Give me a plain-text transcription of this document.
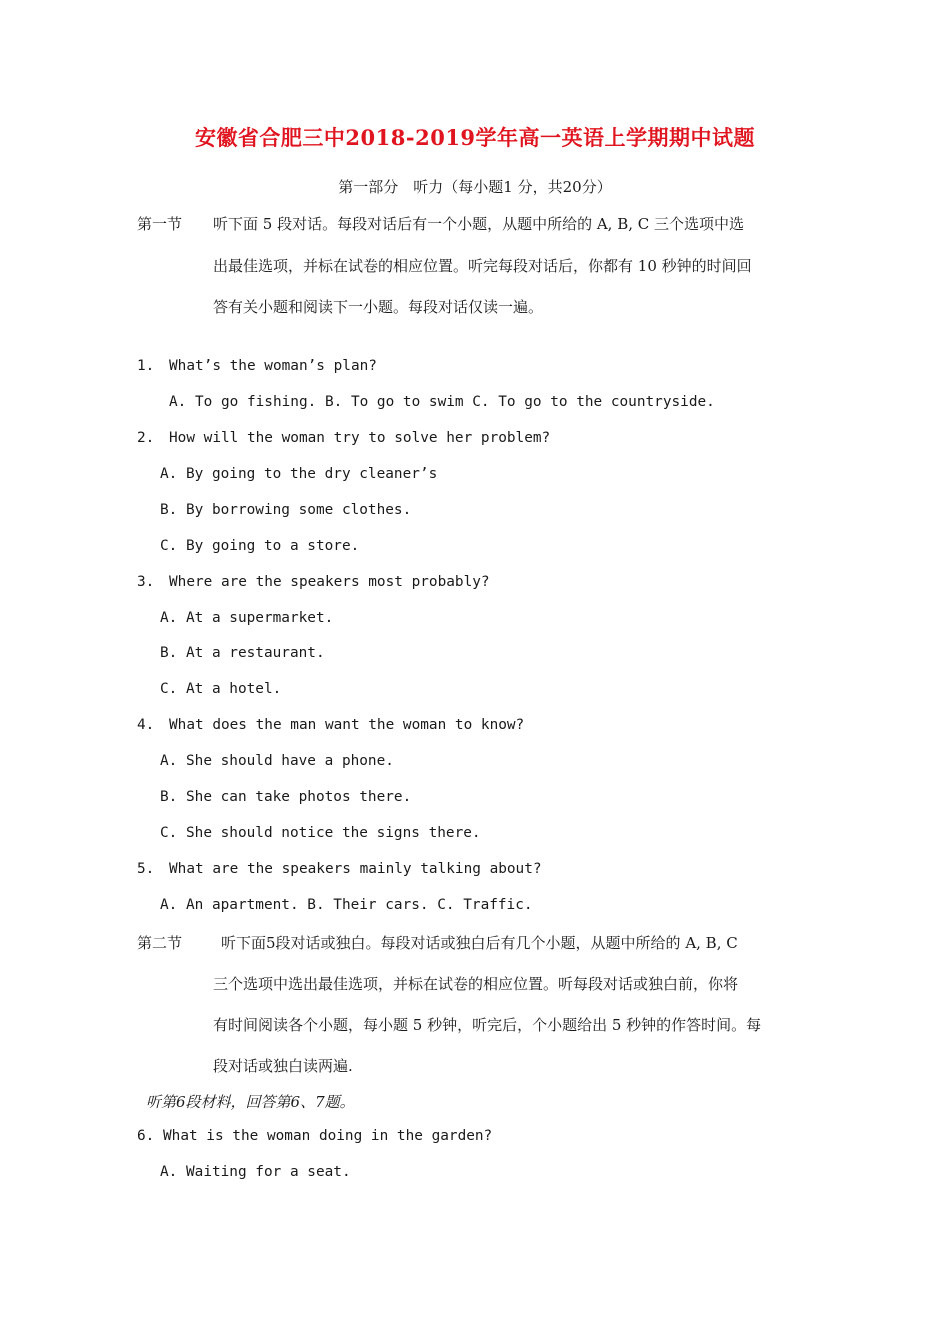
安徽省合肥三中2018-2019学年高一英语上学期期中试题
第一部分　听力（每小题1 分，共20分）
第一节 听下面 5 段对话。每段对话后有一个小题，从题中所给的 A, B, C 三个选项中选
出最佳选项，并标在试卷的相应位置。听完每段对话后，你都有 10 秒钟的时间回
答有关小题和阅读下一小题。每段对话仅读一遍。
1. What’s the woman’s plan?
A. To go fishing. B. To go to swim C. To go to the countryside.
2. How will the woman try to solve her problem?
A. By going to the dry cleaner’s
B. By borrowing some clothes.
C. By going to a store.
3. Where are the speakers most probably?
A. At a supermarket.
B. At a restaurant.
C. At a hotel.
4. What does the man want the woman to know?
A. She should have a phone.
B. She can take photos there.
C. She should notice the signs there.
5. What are the speakers mainly talking about?
A. An apartment. B. Their cars. C. Traffic.
第二节	听下面5段对话或独白。每段对话或独白后有几个小题，从题中所给的 A, B, C
三个选项中选出最佳选项，并标在试卷的相应位置。听每段对话或独白前，你将
有时间阅读各个小题，每小题 5 秒钟，听完后，个小题给出 5 秒钟的作答时间。每
段对话或独白读两遍.
听第6段材料，回答第6、7题。
6. What is the woman doing in the garden?
A. Waiting for a seat.
